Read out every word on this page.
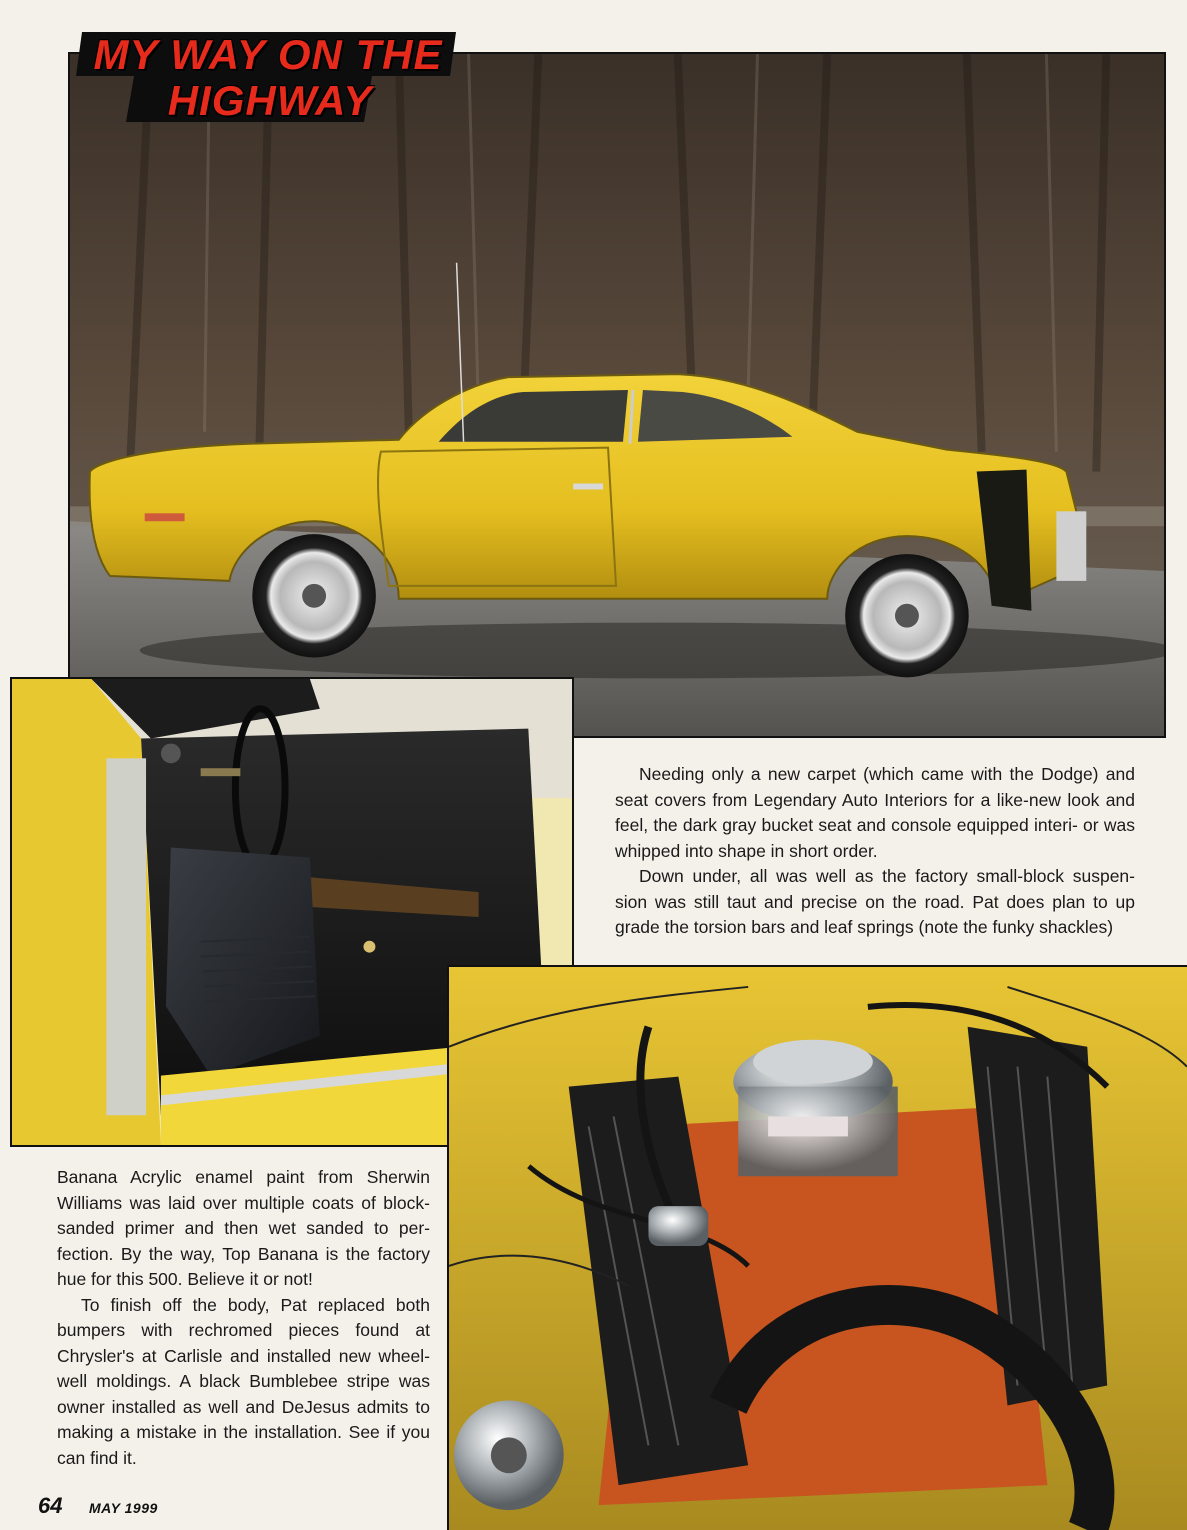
MY WAY ON THE
HIGHWAY

Needing only a new carpet (which came with the Dodge) and seat covers from Legendary Auto Interiors for a like-new look and feel, the dark gray bucket seat and console equipped interi- or was whipped into shape in short order.

Down under, all was well as the factory small-block suspen- sion was still taut and precise on the road. Pat does plan to up grade the torsion bars and leaf springs (note the funky shackles)

Banana Acrylic enamel paint from Sherwin Williams was laid over multiple coats of block- sanded primer and then wet sanded to per- fection. By the way, Top Banana is the factory hue for this 500. Believe it or not!

To finish off the body, Pat replaced both bumpers with rechromed pieces found at Chrysler's at Carlisle and installed new wheel- well moldings. A black Bumblebee stripe was owner installed as well and DeJesus admits to making a mistake in the installation. See if you can find it.

64 MAY 1999
